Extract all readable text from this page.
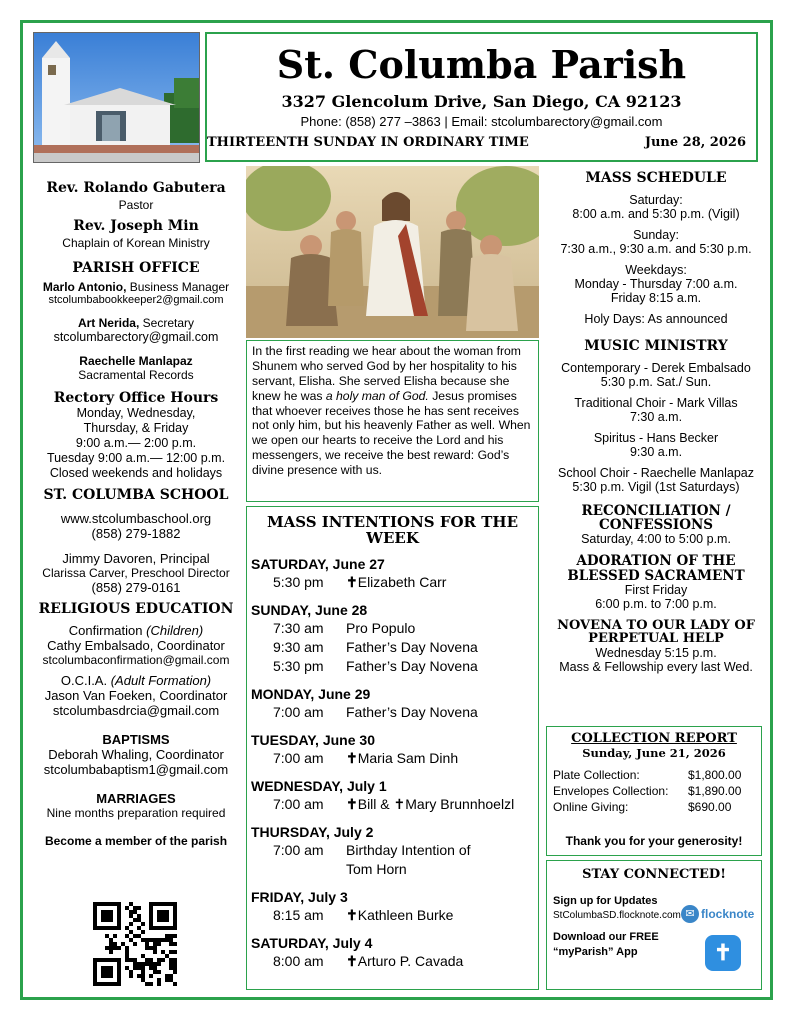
St. Columba Parish
3327 Glencolum Drive, San Diego, CA 92123
Phone: (858) 277 –3863 | Email: stcolumbarectory@gmail.com
THIRTEENTH SUNDAY IN ORDINARY TIME	June 28, 2026
Rev. Rolando Gabutera
Pastor
Rev. Joseph Min
Chaplain of Korean Ministry
PARISH OFFICE
Marlo Antonio, Business Manager
stcolumbabookkeeper2@gmail.com
Art Nerida, Secretary
stcolumbarectory@gmail.com
Raechelle Manlapaz
Sacramental Records
Rectory Office Hours
Monday, Wednesday,
Thursday, & Friday
9:00 a.m.— 2:00 p.m.
Tuesday 9:00 a.m.— 12:00 p.m.
Closed weekends and holidays
ST. COLUMBA SCHOOL
www.stcolumbaschool.org
(858) 279-1882
Jimmy Davoren, Principal
Clarissa Carver, Preschool Director
(858) 279-0161
RELIGIOUS EDUCATION
Confirmation (Children)
Cathy Embalsado, Coordinator
stcolumbaconfirmation@gmail.com
O.C.I.A. (Adult Formation)
Jason Van Foeken, Coordinator
stcolumbasdrcia@gmail.com
BAPTISMS
Deborah Whaling, Coordinator
stcolumbabaptism1@gmail.com
MARRIAGES
Nine months preparation required
Become a member of the parish
In the first reading we hear about the woman from Shunem who served God by her hospitality to his servant, Elisha. She served Elisha because she knew he was a holy man of God. Jesus promises that whoever receives those he has sent receives not only him, but his heavenly Father as well. When we open our hearts to receive the Lord and his messengers, we receive the best reward: God’s divine presence with us.
MASS INTENTIONS FOR THE WEEK
SATURDAY, June 27
5:30 pm	✝Elizabeth Carr
SUNDAY, June 28
7:30 am	Pro Populo
9:30 am	Father’s Day Novena
5:30 pm	Father’s Day Novena
MONDAY, June 29
7:00 am	Father’s Day Novena
TUESDAY, June 30
7:00 am	✝Maria Sam Dinh
WEDNESDAY, July 1
7:00 am	✝Bill & ✝Mary Brunnhoelzl
THURSDAY, July 2
7:00 am	Birthday Intention of
Tom Horn
FRIDAY, July 3
8:15 am	✝Kathleen Burke
SATURDAY, July 4
8:00 am	✝Arturo P. Cavada
MASS SCHEDULE
Saturday:
8:00 a.m. and 5:30 p.m. (Vigil)
Sunday:
7:30 a.m., 9:30 a.m. and 5:30 p.m.
Weekdays:
Monday - Thursday 7:00 a.m.
Friday 8:15 a.m.
Holy Days: As announced
MUSIC MINISTRY
Contemporary - Derek Embalsado
5:30 p.m. Sat./ Sun.
Traditional Choir - Mark Villas
7:30 a.m.
Spiritus - Hans Becker
9:30 a.m.
School Choir - Raechelle Manlapaz
5:30 p.m. Vigil (1st Saturdays)
RECONCILIATION / CONFESSIONS
Saturday, 4:00 to 5:00 p.m.
ADORATION OF THE BLESSED SACRAMENT
First Friday
6:00 p.m. to 7:00 p.m.
NOVENA TO OUR LADY OF PERPETUAL HELP
Wednesday 5:15 p.m.
Mass & Fellowship every last Wed.
COLLECTION REPORT
Sunday, June 21, 2026
Plate Collection:	$1,800.00
Envelopes Collection:	$1,890.00
Online Giving:	$690.00
Thank you for your generosity!
STAY CONNECTED!
Sign up for Updates
StColumbaSD.flocknote.com ✉ flocknote
Download our FREE
“myParish” App	✝
